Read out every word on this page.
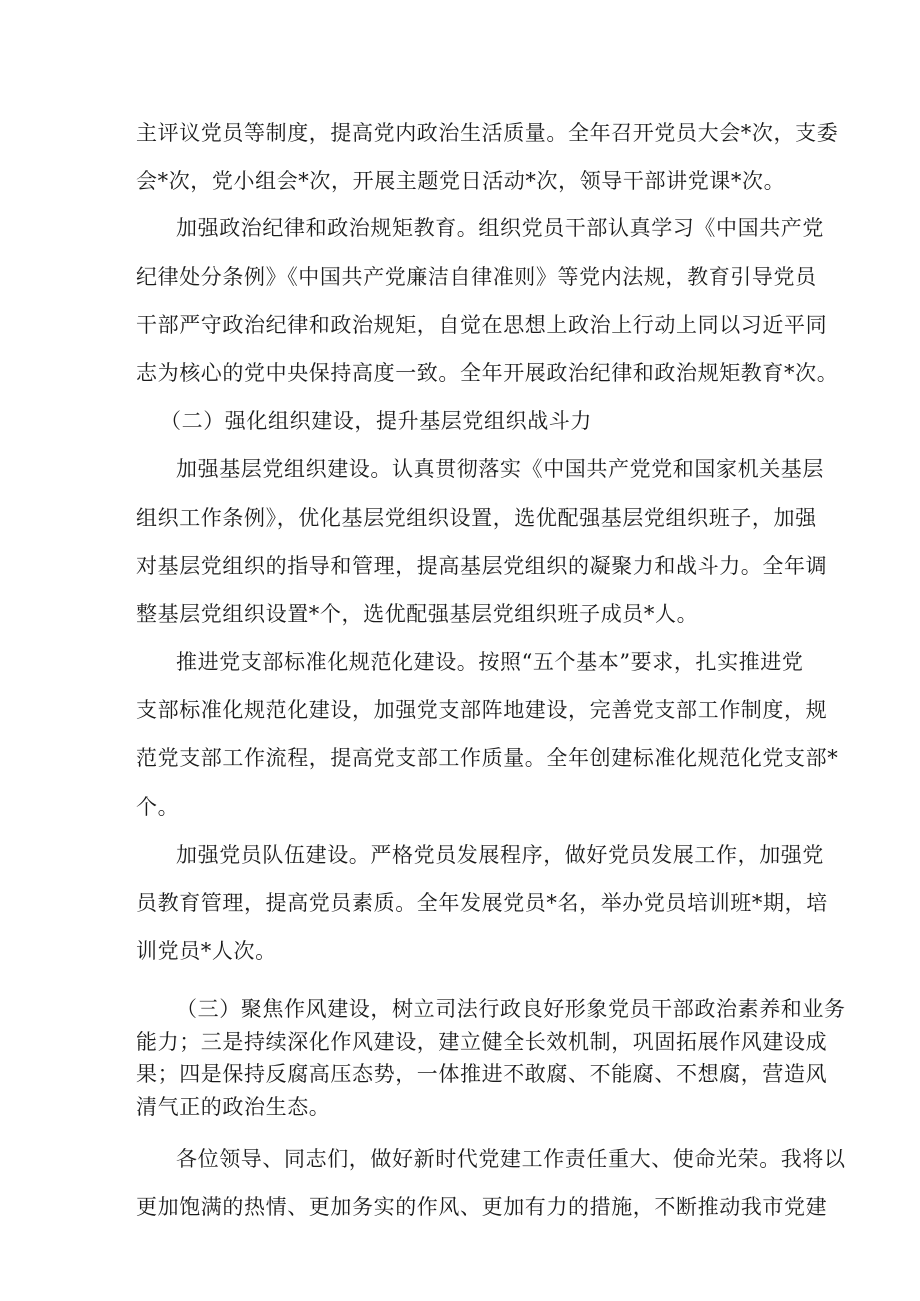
主评议党员等制度，提高党内政治生活质量。全年召开党员大会*次，支委
会*次，党小组会*次，开展主题党日活动*次，领导干部讲党课*次。
加强政治纪律和政治规矩教育。组织党员干部认真学习《中国共产党
纪律处分条例》《中国共产党廉洁自律准则》等党内法规，教育引导党员
干部严守政治纪律和政治规矩，自觉在思想上政治上行动上同以习近平同
志为核心的党中央保持高度一致。全年开展政治纪律和政治规矩教育*次。
（二）强化组织建设，提升基层党组织战斗力
加强基层党组织建设。认真贯彻落实《中国共产党党和国家机关基层
组织工作条例》，优化基层党组织设置，选优配强基层党组织班子，加强
对基层党组织的指导和管理，提高基层党组织的凝聚力和战斗力。全年调
整基层党组织设置*个，选优配强基层党组织班子成员*人。
推进党支部标准化规范化建设。按照“五个基本”要求，扎实推进党
支部标准化规范化建设，加强党支部阵地建设，完善党支部工作制度，规
范党支部工作流程，提高党支部工作质量。全年创建标准化规范化党支部*
个。
加强党员队伍建设。严格党员发展程序，做好党员发展工作，加强党
员教育管理，提高党员素质。全年发展党员*名，举办党员培训班*期，培
训党员*人次。
（三）聚焦作风建设，树立司法行政良好形象党员干部政治素养和业务
能力；三是持续深化作风建设，建立健全长效机制，巩固拓展作风建设成
果；四是保持反腐高压态势，一体推进不敢腐、不能腐、不想腐，营造风
清气正的政治生态。
各位领导、同志们，做好新时代党建工作责任重大、使命光荣。我将以
更加饱满的热情、更加务实的作风、更加有力的措施，不断推动我市党建
